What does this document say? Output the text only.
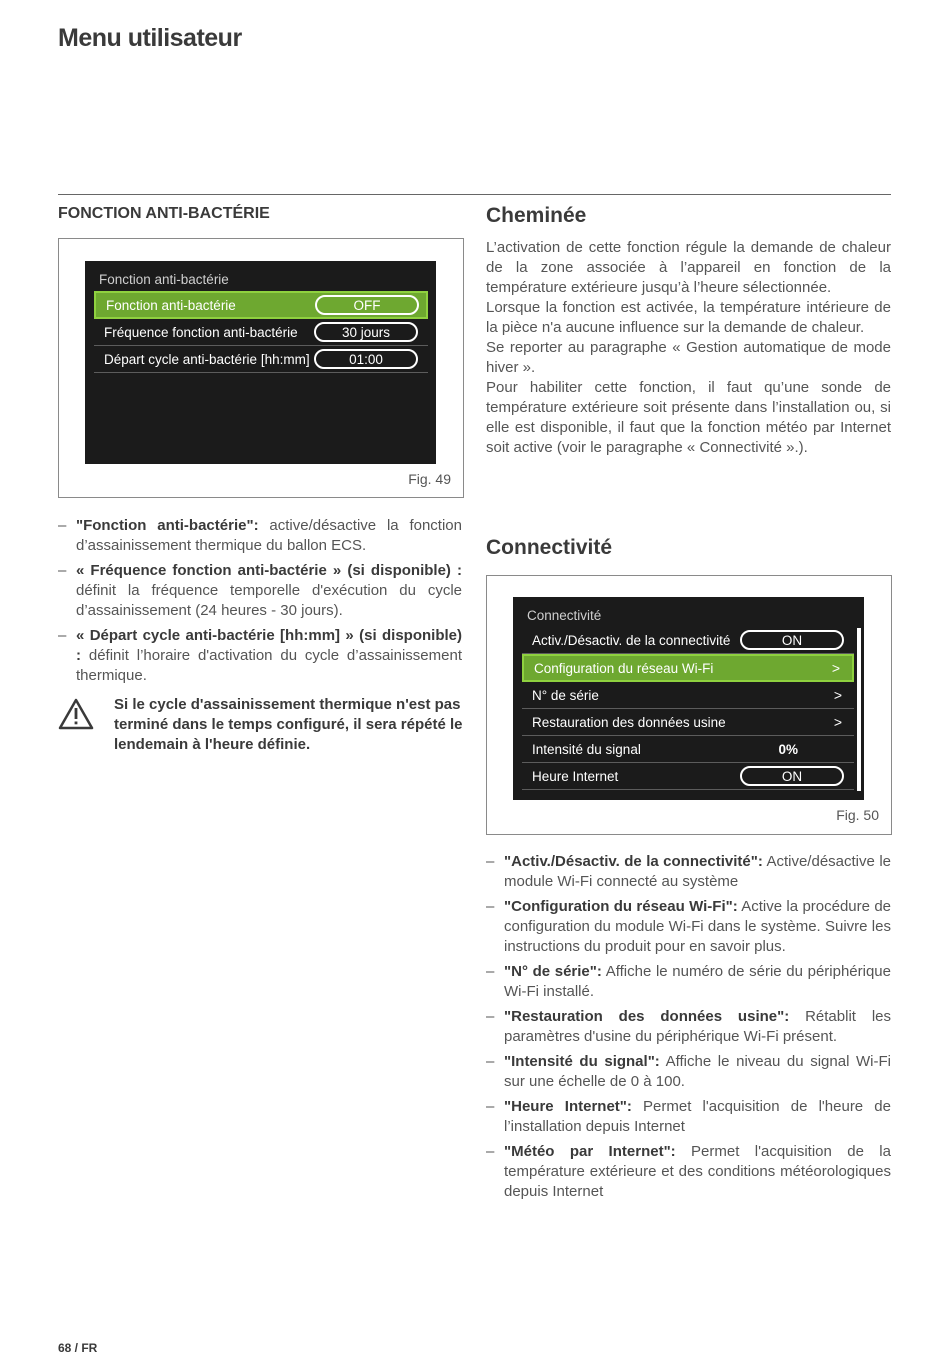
Menu utilisateur
FONCTION ANTI-BACTÉRIE
Fonction anti-bactérie
Fonction anti-bactérie	OFF
Fréquence fonction anti-bactérie	30 jours
Départ cycle anti-bactérie [hh:mm]	01:00
Fig. 49
– "Fonction anti-bactérie": active/désactive la fonction d’assainissement thermique du ballon ECS.
– « Fréquence fonction anti-bactérie » (si disponible) : définit la fréquence temporelle d'exécution du cycle d’assainissement (24 heures - 30 jours).
– « Départ cycle anti-bactérie [hh:mm] » (si disponible) : définit l’horaire d'activation du cycle d’assainissement thermique.
Si le cycle d'assainissement thermique n'est pas terminé dans le temps configuré, il sera répété le lendemain à l'heure définie.
Cheminée
L’activation de cette fonction régule la demande de chaleur de la zone associée à l’appareil en fonction de la température extérieure jusqu’à l’heure sélectionnée.
Lorsque la fonction est activée, la température intérieure de la pièce n'a aucune influence sur la demande de chaleur.
Se reporter au paragraphe « Gestion automatique de mode hiver ».
Pour habiliter cette fonction, il faut qu’une sonde de température extérieure soit présente dans l’installation ou, si elle est disponible, il faut que la fonction météo par Internet soit active (voir le paragraphe « Connectivité ».).
Connectivité
Connectivité
Activ./Désactiv. de la connectivité	ON
Configuration du réseau Wi-Fi	>
N° de série	>
Restauration des données usine	>
Intensité du signal	0%
Heure Internet	ON
Fig. 50
– "Activ./Désactiv. de la connectivité": Active/désactive le module Wi-Fi connecté au système
– "Configuration du réseau Wi-Fi": Active la procédure de configuration du module Wi-Fi dans le système. Suivre les instructions du produit pour en savoir plus.
– "N° de série": Affiche le numéro de série du périphérique Wi-Fi installé.
– "Restauration des données usine": Rétablit les paramètres d'usine du périphérique Wi-Fi présent.
– "Intensité du signal": Affiche le niveau du signal Wi-Fi sur une échelle de 0 à 100.
– "Heure Internet": Permet l'acquisition de l'heure de l’installation depuis Internet
– "Météo par Internet": Permet l'acquisition de la température extérieure et des conditions météorologiques depuis Internet
68 / FR
